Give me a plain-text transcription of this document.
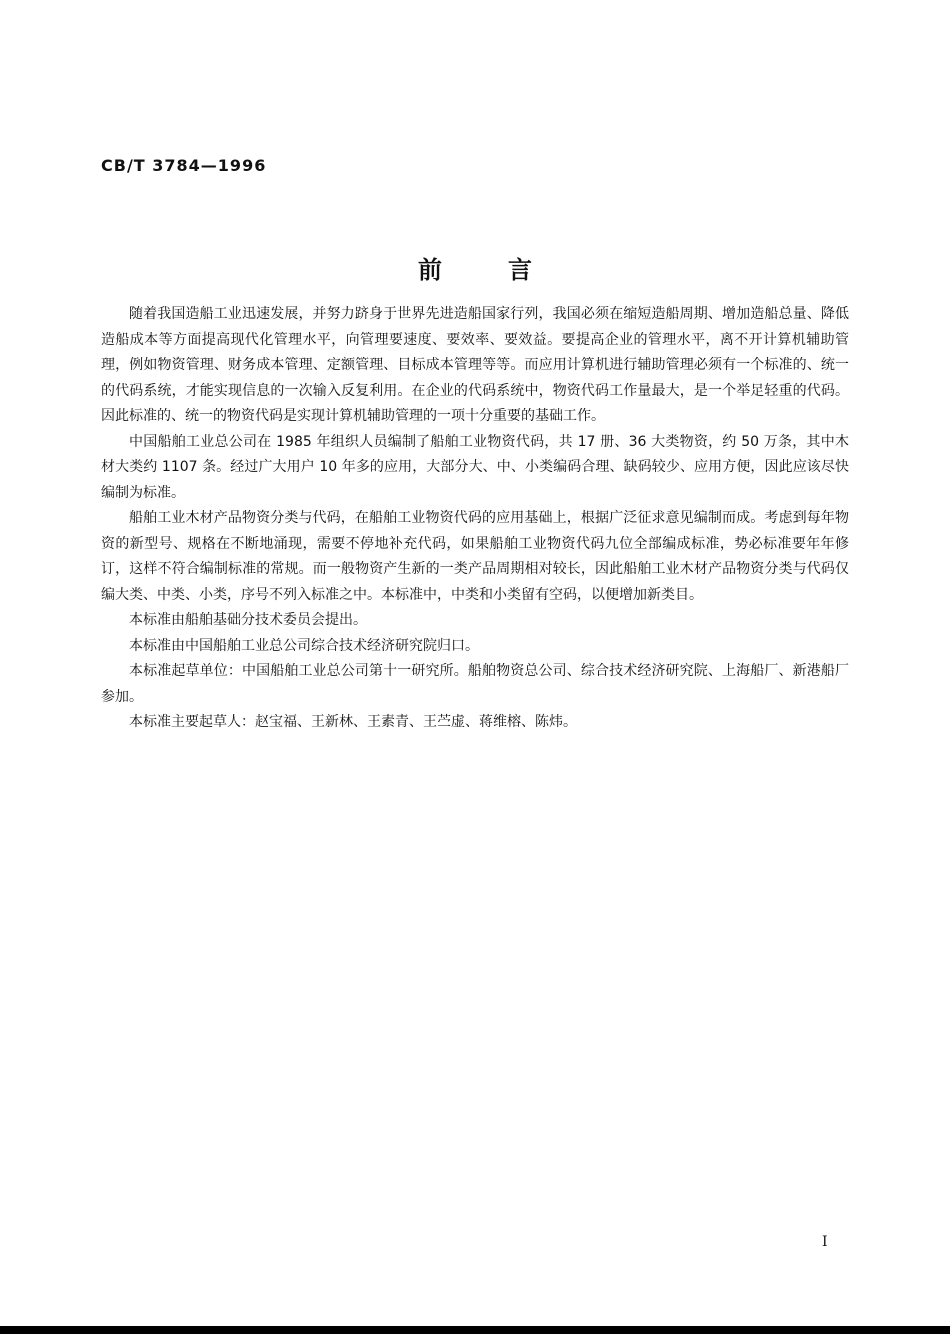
CB/T 3784—1996
前言

随着我国造船工业迅速发展，并努力跻身于世界先进造船国家行列，我国必须在缩短造船周期、增加造船总量、降低造船成本等方面提高现代化管理水平，向管理要速度、要效率、要效益。要提高企业的管理水平，离不开计算机辅助管理，例如物资管理、财务成本管理、定额管理、目标成本管理等等。而应用计算机进行辅助管理必须有一个标准的、统一的代码系统，才能实现信息的一次输入反复利用。在企业的代码系统中，物资代码工作量最大，是一个举足轻重的代码。因此标准的、统一的物资代码是实现计算机辅助管理的一项十分重要的基础工作。

中国船舶工业总公司在 1985 年组织人员编制了船舶工业物资代码，共 17 册、36 大类物资，约 50 万条，其中木材大类约 1107 条。经过广大用户 10 年多的应用，大部分大、中、小类编码合理、缺码较少、应用方便，因此应该尽快编制为标准。

船舶工业木材产品物资分类与代码，在船舶工业物资代码的应用基础上，根据广泛征求意见编制而成。考虑到每年物资的新型号、规格在不断地涌现，需要不停地补充代码，如果船舶工业物资代码九位全部编成标准，势必标准要年年修订，这样不符合编制标准的常规。而一般物资产生新的一类产品周期相对较长，因此船舶工业木材产品物资分类与代码仅编大类、中类、小类，序号不列入标准之中。本标准中，中类和小类留有空码，以便增加新类目。

本标准由船舶基础分技术委员会提出。

本标准由中国船舶工业总公司综合技术经济研究院归口。

本标准起草单位：中国船舶工业总公司第十一研究所。船舶物资总公司、综合技术经济研究院、上海船厂、新港船厂参加。

本标准主要起草人：赵宝福、王新林、王素青、王苎虚、蒋维榕、陈炜。

I
